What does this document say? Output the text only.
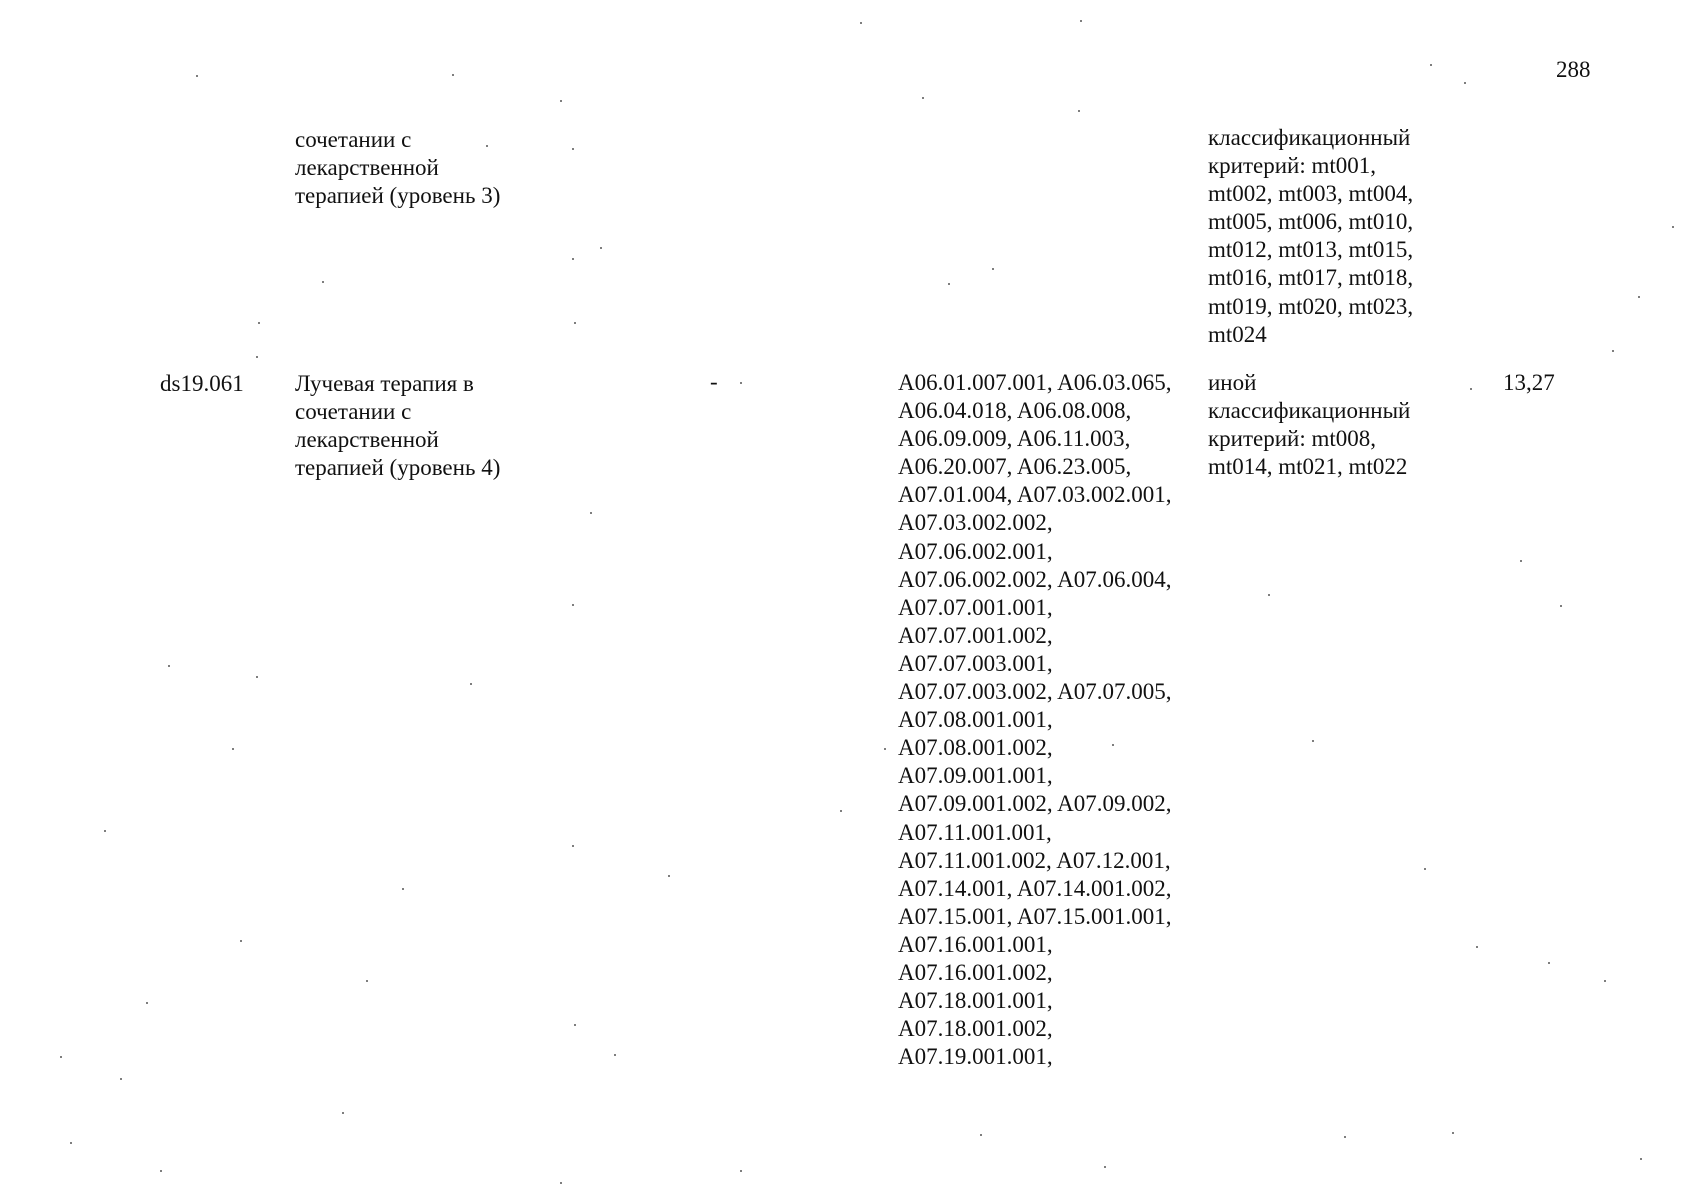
288
сочетании с
лекарственной
терапией (уровень 3)
классификационный
критерий: mt001,
mt002, mt003, mt004,
mt005, mt006, mt010,
mt012, mt013, mt015,
mt016, mt017, mt018,
mt019, mt020, mt023,
mt024
ds19.061 Лучевая терапия в
сочетании с
лекарственной
терапией (уровень 4)
-	A06.01.007.001, A06.03.065,
A06.04.018, A06.08.008,
A06.09.009, A06.11.003,
A06.20.007, A06.23.005,
A07.01.004, A07.03.002.001,
A07.03.002.002,
A07.06.002.001,
A07.06.002.002, A07.06.004,
A07.07.001.001,
A07.07.001.002,
A07.07.003.001,
A07.07.003.002, A07.07.005,
A07.08.001.001,
A07.08.001.002,
A07.09.001.001,
A07.09.001.002, A07.09.002,
A07.11.001.001,
A07.11.001.002, A07.12.001,
A07.14.001, A07.14.001.002,
A07.15.001, A07.15.001.001,
A07.16.001.001,
A07.16.001.002,
A07.18.001.001,
A07.18.001.002,
A07.19.001.001,
иной
классификационный
критерий: mt008,
mt014, mt021, mt022
13,27
